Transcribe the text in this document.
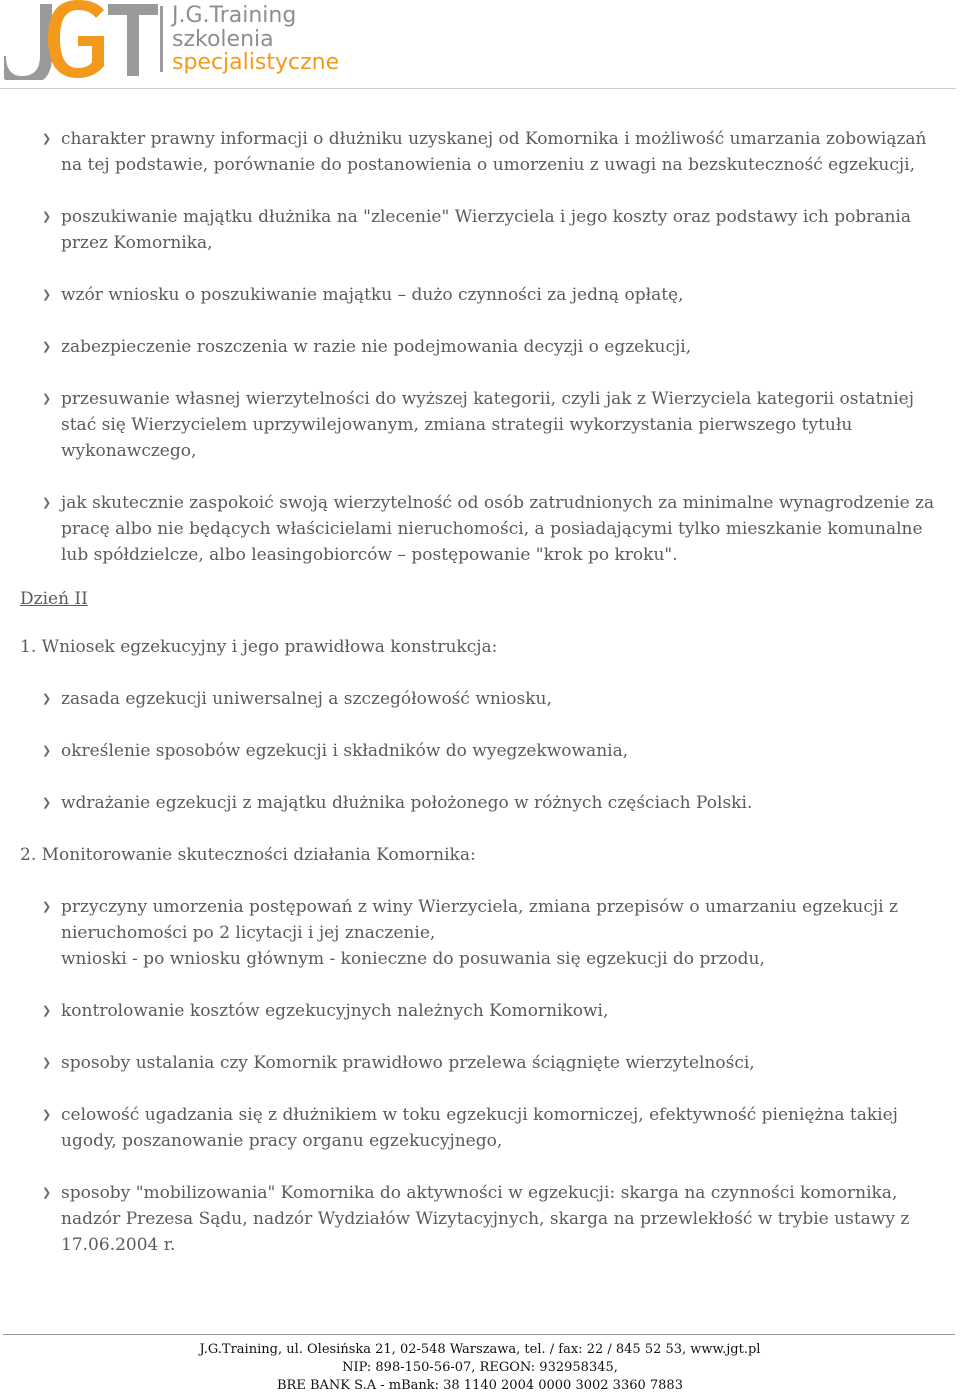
J.G.Training
szkolenia
specjalistyczne
❯ charakter prawny informacji o dłużniku uzyskanej od Komornika i możliwość umarzania zobowiązań na tej podstawie, porównanie do postanowienia o umorzeniu z uwagi na bezskuteczność egzekucji,
❯ poszukiwanie majątku dłużnika na "zlecenie" Wierzyciela i jego koszty oraz podstawy ich pobrania przez Komornika,
❯ wzór wniosku o poszukiwanie majątku – dużo czynności za jedną opłatę,
❯ zabezpieczenie roszczenia w razie nie podejmowania decyzji o egzekucji,
❯ przesuwanie własnej wierzytelności do wyższej kategorii, czyli jak z Wierzyciela kategorii ostatniej stać się Wierzycielem uprzywilejowanym, zmiana strategii wykorzystania pierwszego tytułu wykonawczego,
❯ jak skutecznie zaspokoić swoją wierzytelność od osób zatrudnionych za minimalne wynagrodzenie za pracę albo nie będących właścicielami nieruchomości, a posiadającymi tylko mieszkanie komunalne lub spółdzielcze, albo leasingobiorców – postępowanie "krok po kroku".
Dzień II
1. Wniosek egzekucyjny i jego prawidłowa konstrukcja:
❯ zasada egzekucji uniwersalnej a szczegółowość wniosku,
❯ określenie sposobów egzekucji i składników do wyegzekwowania,
❯ wdrażanie egzekucji z majątku dłużnika położonego w różnych częściach Polski.
2. Monitorowanie skuteczności działania Komornika:
❯ przyczyny umorzenia postępowań z winy Wierzyciela, zmiana przepisów o umarzaniu egzekucji z nieruchomości po 2 licytacji i jej znaczenie,
wnioski - po wniosku głównym - konieczne do posuwania się egzekucji do przodu,
❯ kontrolowanie kosztów egzekucyjnych należnych Komornikowi,
❯ sposoby ustalania czy Komornik prawidłowo przelewa ściągnięte wierzytelności,
❯ celowość ugadzania się z dłużnikiem w toku egzekucji komorniczej, efektywność pieniężna takiej ugody, poszanowanie pracy organu egzekucyjnego,
❯ sposoby "mobilizowania" Komornika do aktywności w egzekucji: skarga na czynności komornika, nadzór Prezesa Sądu, nadzór Wydziałów Wizytacyjnych, skarga na przewlekłość w trybie ustawy z 17.06.2004 r.
J.G.Training, ul. Olesińska 21, 02-548 Warszawa, tel. / fax: 22 / 845 52 53, www.jgt.pl
NIP: 898-150-56-07, REGON: 932958345,
BRE BANK S.A - mBank: 38 1140 2004 0000 3002 3360 7883
